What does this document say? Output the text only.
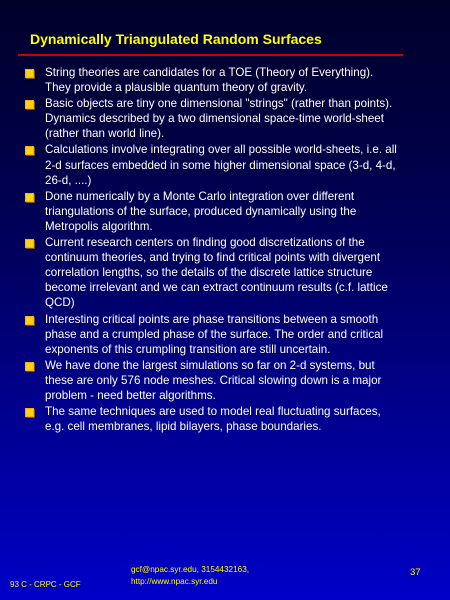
Dynamically Triangulated Random Surfaces
String theories are candidates for a TOE (Theory of Everything). They provide a plausible quantum theory of gravity.
Basic objects are tiny one dimensional "strings" (rather than points). Dynamics described by a two dimensional space-time world-sheet (rather than world line).
Calculations involve integrating over all possible world-sheets, i.e. all 2-d surfaces embedded in some higher dimensional space (3-d, 4-d, 26-d, ....)
Done numerically by a Monte Carlo integration over different triangulations of the surface, produced dynamically using the Metropolis algorithm.
Current research centers on finding good discretizations of the continuum theories, and trying to find critical points with divergent correlation lengths, so the details of the discrete lattice structure become irrelevant and we can extract continuum results (c.f. lattice QCD)
Interesting critical points are phase transitions between a smooth phase and a crumpled phase of the surface. The order and critical exponents of this crumpling transition are still uncertain.
We have done the largest simulations so far on 2-d systems, but these are only 576 node meshes. Critical slowing down is a major problem - need better algorithms.
The same techniques are used to model real fluctuating surfaces, e.g. cell membranes, lipid bilayers, phase boundaries.
93 C - CRPC - GCF
gcf@npac.syr.edu, 3154432163,
http://www.npac.syr.edu
37
